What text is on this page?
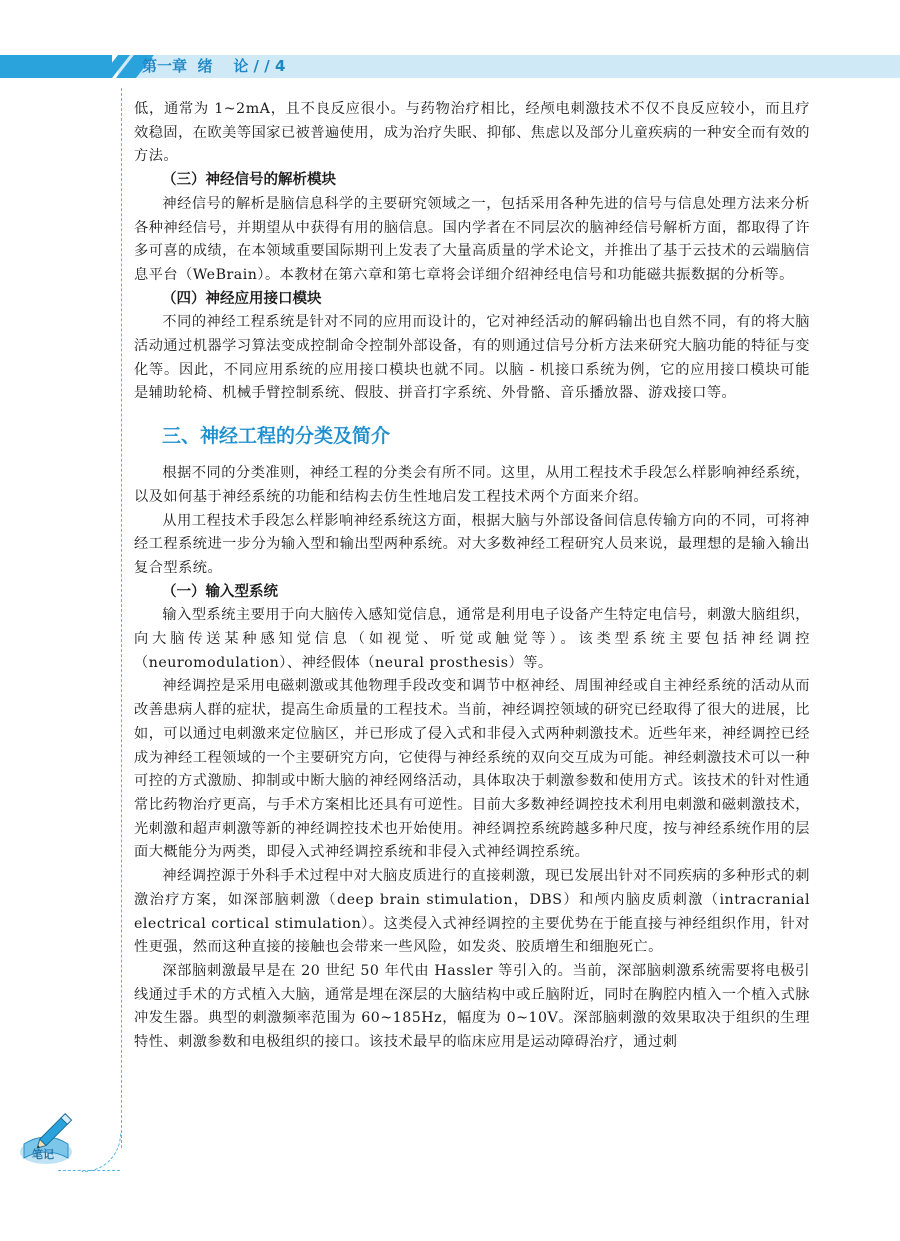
第一章  绪    论 / / 4
笔记

低，通常为 1~2mA，且不良反应很小。与药物治疗相比，经颅电刺激技术不仅不良反应较小，而且疗效稳固，在欧美等国家已被普遍使用，成为治疗失眠、抑郁、焦虑以及部分儿童疾病的一种安全而有效的方法。

（三）神经信号的解析模块

神经信号的解析是脑信息科学的主要研究领域之一，包括采用各种先进的信号与信息处理方法来分析各种神经信号，并期望从中获得有用的脑信息。国内学者在不同层次的脑神经信号解析方面，都取得了许多可喜的成绩，在本领域重要国际期刊上发表了大量高质量的学术论文，并推出了基于云技术的云端脑信息平台（WeBrain）。本教材在第六章和第七章将会详细介绍神经电信号和功能磁共振数据的分析等。

（四）神经应用接口模块

不同的神经工程系统是针对不同的应用而设计的，它对神经活动的解码输出也自然不同，有的将大脑活动通过机器学习算法变成控制命令控制外部设备，有的则通过信号分析方法来研究大脑功能的特征与变化等。因此，不同应用系统的应用接口模块也就不同。以脑 - 机接口系统为例，它的应用接口模块可能是辅助轮椅、机械手臂控制系统、假肢、拼音打字系统、外骨骼、音乐播放器、游戏接口等。

三、神经工程的分类及简介

根据不同的分类准则，神经工程的分类会有所不同。这里，从用工程技术手段怎么样影响神经系统，以及如何基于神经系统的功能和结构去仿生性地启发工程技术两个方面来介绍。

从用工程技术手段怎么样影响神经系统这方面，根据大脑与外部设备间信息传输方向的不同，可将神经工程系统进一步分为输入型和输出型两种系统。对大多数神经工程研究人员来说，最理想的是输入输出复合型系统。

（一）输入型系统

输入型系统主要用于向大脑传入感知觉信息，通常是利用电子设备产生特定电信号，刺激大脑组织，向大脑传送某种感知觉信息（如视觉、听觉或触觉等）。该类型系统主要包括神经调控（neuromodulation）、神经假体（neural prosthesis）等。

神经调控是采用电磁刺激或其他物理手段改变和调节中枢神经、周围神经或自主神经系统的活动从而改善患病人群的症状，提高生命质量的工程技术。当前，神经调控领域的研究已经取得了很大的进展，比如，可以通过电刺激来定位脑区，并已形成了侵入式和非侵入式两种刺激技术。近些年来，神经调控已经成为神经工程领域的一个主要研究方向，它使得与神经系统的双向交互成为可能。神经刺激技术可以一种可控的方式激励、抑制或中断大脑的神经网络活动，具体取决于刺激参数和使用方式。该技术的针对性通常比药物治疗更高，与手术方案相比还具有可逆性。目前大多数神经调控技术利用电刺激和磁刺激技术，光刺激和超声刺激等新的神经调控技术也开始使用。神经调控系统跨越多种尺度，按与神经系统作用的层面大概能分为两类，即侵入式神经调控系统和非侵入式神经调控系统。

神经调控源于外科手术过程中对大脑皮质进行的直接刺激，现已发展出针对不同疾病的多种形式的刺激治疗方案，如深部脑刺激（deep brain stimulation，DBS）和颅内脑皮质刺激（intracranial electrical cortical stimulation）。这类侵入式神经调控的主要优势在于能直接与神经组织作用，针对性更强，然而这种直接的接触也会带来一些风险，如发炎、胶质增生和细胞死亡。

深部脑刺激最早是在 20 世纪 50 年代由 Hassler 等引入的。当前，深部脑刺激系统需要将电极引线通过手术的方式植入大脑，通常是埋在深层的大脑结构中或丘脑附近，同时在胸腔内植入一个植入式脉冲发生器。典型的刺激频率范围为 60~185Hz，幅度为 0~10V。深部脑刺激的效果取决于组织的生理特性、刺激参数和电极组织的接口。该技术最早的临床应用是运动障碍治疗，通过刺
